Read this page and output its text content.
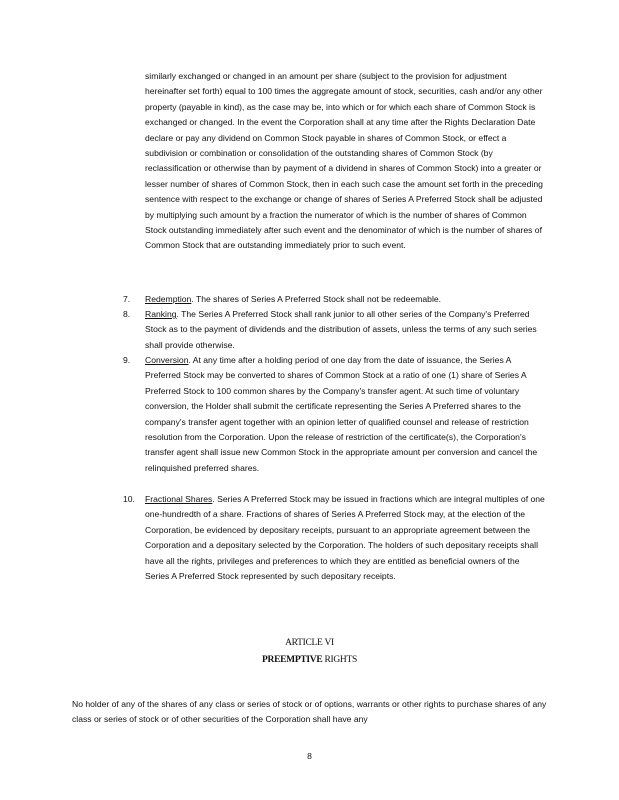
similarly exchanged or changed in an amount per share (subject to the provision for adjustment hereinafter set forth) equal to 100 times the aggregate amount of stock, securities, cash and/or any other property (payable in kind), as the case may be, into which or for which each share of Common Stock is exchanged or changed. In the event the Corporation shall at any time after the Rights Declaration Date declare or pay any dividend on Common Stock payable in shares of Common Stock, or effect a subdivision or combination or consolidation of the outstanding shares of Common Stock (by reclassification or otherwise than by payment of a dividend in shares of Common Stock) into a greater or lesser number of shares of Common Stock, then in each such case the amount set forth in the preceding sentence with respect to the exchange or change of shares of Series A Preferred Stock shall be adjusted by multiplying such amount by a fraction the numerator of which is the number of shares of Common Stock outstanding immediately after such event and the denominator of which is the number of shares of Common Stock that are outstanding immediately prior to such event.

7.	Redemption. The shares of Series A Preferred Stock shall not be redeemable.

8.	Ranking. The Series A Preferred Stock shall rank junior to all other series of the Company's Preferred Stock as to the payment of dividends and the distribution of assets, unless the terms of any such series shall provide otherwise.

9.	Conversion. At any time after a holding period of one day from the date of issuance, the Series A Preferred Stock may be converted to shares of Common Stock at a ratio of one (1) share of Series A Preferred Stock to 100 common shares by the Company's transfer agent. At such time of voluntary conversion, the Holder shall submit the certificate representing the Series A Preferred shares to the company's transfer agent together with an opinion letter of qualified counsel and release of restriction resolution from the Corporation. Upon the release of restriction of the certificate(s), the Corporation's transfer agent shall issue new Common Stock in the appropriate amount per conversion and cancel the relinquished preferred shares.

10.	Fractional Shares. Series A Preferred Stock may be issued in fractions which are integral multiples of one one-hundredth of a share. Fractions of shares of Series A Preferred Stock may, at the election of the Corporation, be evidenced by depositary receipts, pursuant to an appropriate agreement between the Corporation and a depositary selected by the Corporation. The holders of such depositary receipts shall have all the rights, privileges and preferences to which they are entitled as beneficial owners of the Series A Preferred Stock represented by such depositary receipts.

ARTICLE VI
PREEMPTIVE RIGHTS

No holder of any of the shares of any class or series of stock or of options, warrants or other rights to purchase shares of any class or series of stock or of other securities of the Corporation shall have any

8
